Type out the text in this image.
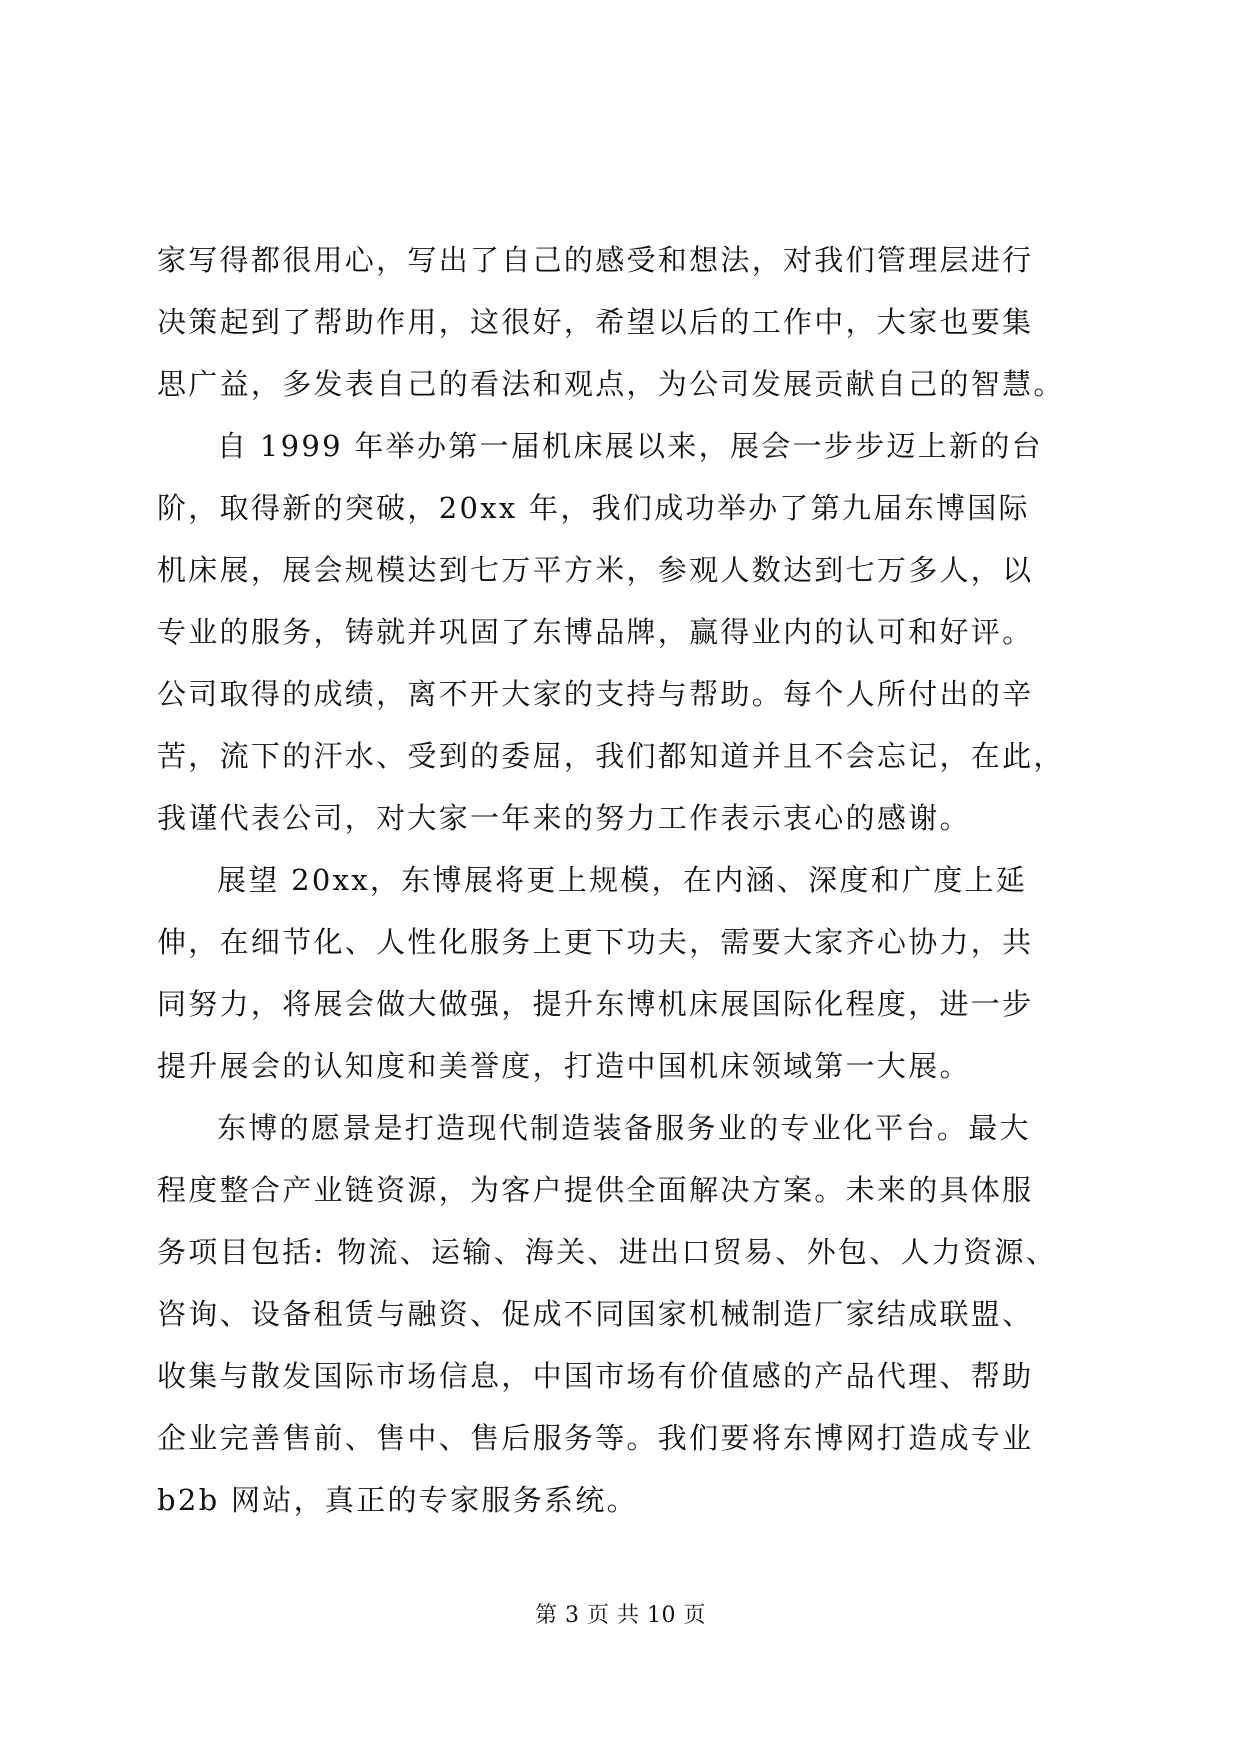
家写得都很用心，写出了自己的感受和想法，对我们管理层进行
决策起到了帮助作用，这很好，希望以后的工作中，大家也要集
思广益，多发表自己的看法和观点，为公司发展贡献自己的智慧。
自 1999 年举办第一届机床展以来，展会一步步迈上新的台
阶，取得新的突破，20xx 年，我们成功举办了第九届东博国际
机床展，展会规模达到七万平方米，参观人数达到七万多人，以
专业的服务，铸就并巩固了东博品牌，赢得业内的认可和好评。
公司取得的成绩，离不开大家的支持与帮助。每个人所付出的辛
苦，流下的汗水、受到的委屈，我们都知道并且不会忘记，在此，
我谨代表公司，对大家一年来的努力工作表示衷心的感谢。
展望 20xx，东博展将更上规模，在内涵、深度和广度上延
伸，在细节化、人性化服务上更下功夫，需要大家齐心协力，共
同努力，将展会做大做强，提升东博机床展国际化程度，进一步
提升展会的认知度和美誉度，打造中国机床领域第一大展。
东博的愿景是打造现代制造装备服务业的专业化平台。最大
程度整合产业链资源，为客户提供全面解决方案。未来的具体服
务项目包括: 物流、运输、海关、进出口贸易、外包、人力资源、
咨询、设备租赁与融资、促成不同国家机械制造厂家结成联盟、
收集与散发国际市场信息，中国市场有价值感的产品代理、帮助
企业完善售前、售中、售后服务等。我们要将东博网打造成专业
b2b 网站，真正的专家服务系统。
第 3 页 共 10 页
